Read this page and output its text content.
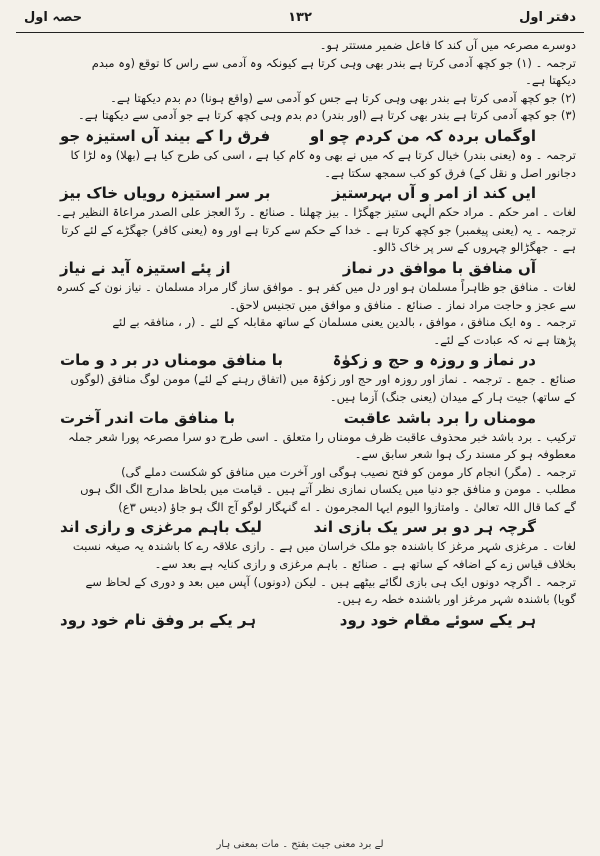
دفتر اول
۱۳۲
حصہ اول
دوسرے مصرعہ میں آں کند کا فاعل ضمیر مستتر ہو۔
ترجمہ ۔ (۱) جو کچھ آدمی کرتا ہے بندر بھی وہی کرتا ہے کیونکہ وہ آدمی سے راس کا توقع (وہ مبدم
دیکھتا ہے۔
(۲) جو کچھ آدمی کرتا ہے بندر بھی وہی کرتا ہے جس کو آدمی سے (واقع ہونا) دم بدم دیکھتا ہے۔
(۳) جو کچھ آدمی کرتا ہے بندر بھی کرتا ہے (اور بندر) دم بدم وہی کچھ کرتا ہے جو آدمی سے دیکھتا ہے۔
اوگماں بردہ کہ من کردم چو او
فرق را کے بیند آں استیزہ جو
ترجمہ ۔ وہ (یعنی بندر) خیال کرتا ہے کہ میں نے بھی وہ کام کیا ہے ، اسی کی طرح کیا ہے (بھلا) وہ لڑا کا
دجانور اصل و نقل کے) فرق کو کب سمجھ سکتا ہے۔
ایں کند از امر و آں بہرستیز
بر سر استیزہ رویاں خاک بیز
لغات ۔ امر حکم ۔ مراد حکم الٰہی ستیز جھگڑا ۔ بیز چھلنا ۔ صنائع ۔ ردّ العجز علی الصدر مراعاۃ النظیر ہے۔
ترجمہ ۔ یہ (یعنی پیغمبر) جو کچھ کرتا ہے ۔ خدا کے حکم سے کرتا ہے اور وہ (یعنی کافر) جھگڑے کے لئے کرتا
ہے ۔ جھگڑالو چہروں کے سر پر خاک ڈالو۔
آں منافق با موافق در نماز
از پئے استیزہ آید نے نیاز
لغات ۔ منافق جو ظاہراً مسلمان ہو اور دل میں کفر ہو ۔ موافق ساز گار مراد مسلمان ۔ نیاز نون کے کسرہ
سے عجز و حاجت مراد نماز ۔ صنائع ۔ منافق و موافق میں تجنیس لاحق۔
ترجمہ ۔ وہ ایک منافق ، موافق ، بالدین یعنی مسلمان کے ساتھ مقابلہ کے لئے ۔ (ر ، منافقہ بے لئے
پڑھتا ہے نہ کہ عبادت کے لئے۔
در نماز و روزہ و حج و زکوٰۃ
با منافق مومناں در بر د و مات
صنائع ۔ جمع ۔ ترجمہ ۔ نماز اور روزہ اور حج اور زکوٰۃ میں (اتفاق رہنے کے لئے) مومن لوگ منافق (لوگوں
کے ساتھ) جیت ہار کے میدان (یعنی جنگ) آزما ہیں۔
مومناں را برد باشد عاقبت
با منافق مات اندر آخرت
ترکیب ۔ برد باشد خبر محذوف عاقبت ظرف مومناں را متعلق ۔ اسی طرح دو سرا مصرعہ پورا شعر جملہ
معطوفہ ہو کر مسند رک ہوا شعر سابق سے۔
ترجمہ ۔ (مگر) انجام کار مومن کو فتح نصیب ہوگی اور آخرت میں منافق کو شکست دملے گی)
مطلب ۔ مومن و منافق جو دنیا میں یکساں نمازی نظر آتے ہیں ۔ قیامت میں بلحاظ مدارج الگ الگ ہوں
گے کما قال اللہ تعالیٰ ۔ وامتازوا الیوم ایہا المجرمون ۔ اے گنہگار لوگو آج الگ ہو جاؤ (دیس ۳ع)
گرچہ ہر دو بر سر یک بازی اند
لیک باہم مرغزی و رازی اند
لغات ۔ مرغزی شہر مرغز کا باشندہ جو ملک خراسان میں ہے ۔ رازی علاقہ رے کا باشندہ یہ صیغہ نسبت
بخلاف قیاس زے کے اضافہ کے ساتھ ہے ۔ صنائع ۔ باہم مرغزی و رازی کنایہ ہے بعد سے۔
ترجمہ ۔ اگرچہ دونوں ایک ہی بازی لگائے بیٹھے ہیں ۔ لیکن (دونوں) آپس میں بعد و دوری کے لحاظ سے
گویا) باشندہ شہر مرغز اور باشندہ خطہ رے ہیں۔
ہر یکے سوئے مقام خود رود
ہر یکے بر وفق نام خود رود
لے برد معنی جیت بفتح ۔ مات بمعنی ہار
